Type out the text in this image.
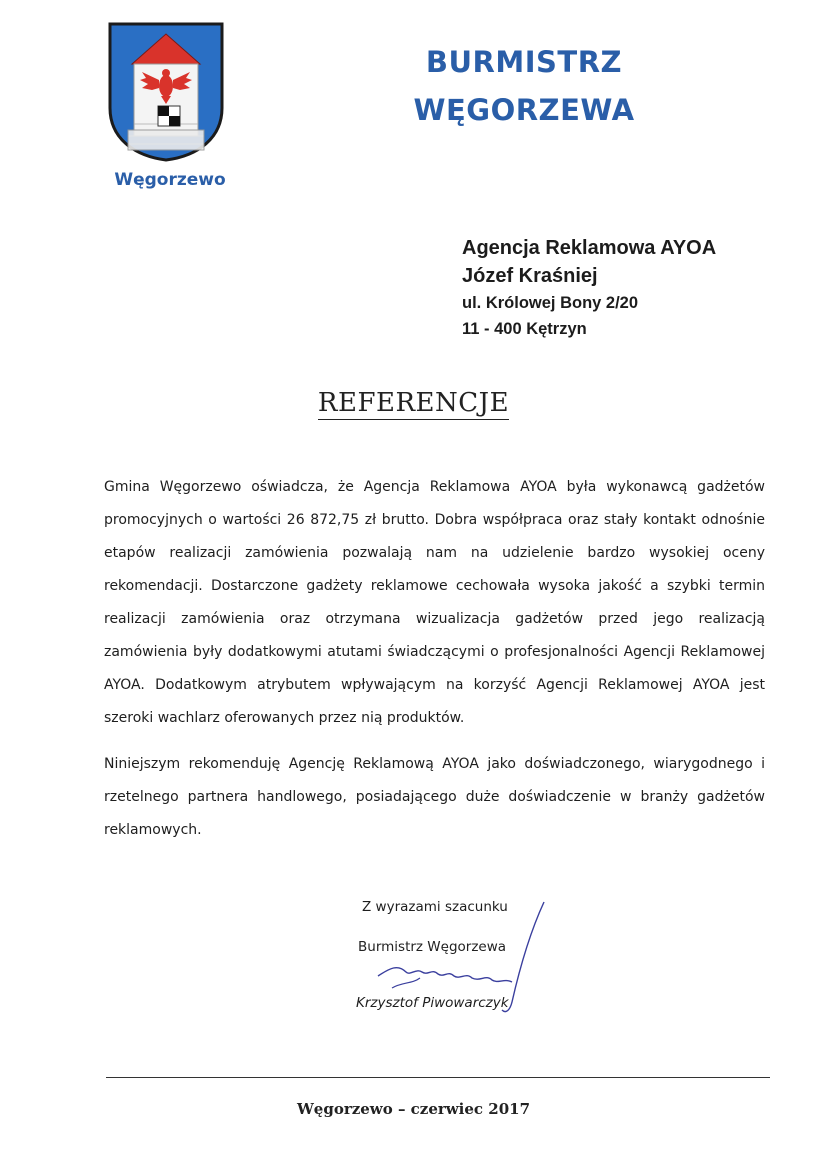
Węgorzewo
BURMISTRZ
WĘGORZEWA
Agencja Reklamowa AYOA
Józef Kraśniej
ul. Królowej Bony 2/20
11 - 400 Kętrzyn
REFERENCJE
Gmina Węgorzewo oświadcza, że Agencja Reklamowa AYOA była wykonawcą gadżetów promocyjnych o wartości 26 872,75 zł brutto. Dobra współpraca oraz stały kontakt odnośnie etapów realizacji zamówienia pozwalają nam na udzielenie bardzo wysokiej oceny rekomendacji. Dostarczone gadżety reklamowe cechowała wysoka jakość a szybki termin realizacji zamówienia oraz otrzymana wizualizacja gadżetów przed jego realizacją zamówienia były dodatkowymi atutami świadczącymi o profesjonalności Agencji Reklamowej AYOA. Dodatkowym atrybutem wpływającym na korzyść Agencji Reklamowej AYOA jest szeroki wachlarz oferowanych przez nią produktów.
Niniejszym rekomenduję Agencję Reklamową AYOA jako doświadczonego, wiarygodnego i rzetelnego partnera handlowego, posiadającego duże doświadczenie w branży gadżetów reklamowych.
Z wyrazami szacunku
Burmistrz Węgorzewa
Krzysztof Piwowarczyk
Węgorzewo – czerwiec 2017
